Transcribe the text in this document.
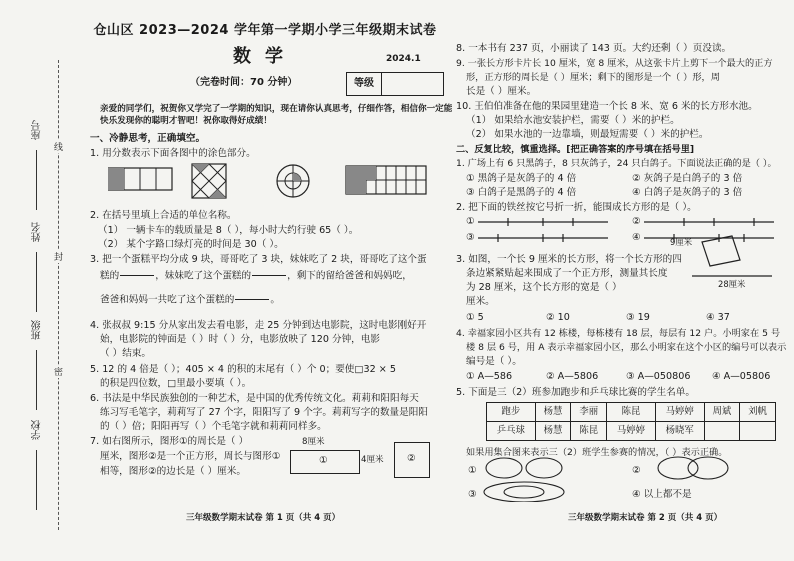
座号
姓名
班级
学校
线
封
密
仓山区 2023—2024 学年第一学期小学三年级期末试卷
数学	2024.1
（完卷时间：70 分钟）	等级
亲爱的同学们，祝贺你又学完了一学期的知识，现在请你认真思考，仔细作答，相信你一定能
快乐发现你的聪明才智吧！祝你取得好成绩！
一、冷静思考，正确填空。
1. 用分数表示下面各图中的涂色部分。
2. 在括号里填上合适的单位名称。
（1） 一辆卡车的载质量是 8（ ），每小时大约行驶 65（ ）。
（2） 某个字路口绿灯亮的时间是 30（ ）。
3. 把一个蛋糕平均分成 9 块，哥哥吃了 3 块，妹妹吃了 2 块，哥哥吃了这个蛋
糕的	，妹妹吃了这个蛋糕的	，剩下的留给爸爸和妈妈吃，
爸爸和妈妈一共吃了这个蛋糕的	。
4. 张叔叔 9:15 分从家出发去看电影，走 25 分钟到达电影院，这时电影刚好开
始，电影院的钟面是（ ）时（ ）分，电影放映了 120 分钟，电影
（ ）结束。
5. 12 的 4 倍是（ ）；405 × 4 的积的末尾有（ ）个 0；要使□32 × 5
的积是四位数，□里最小要填（ ）。
6. 书法是中华民族独创的一种艺术，是中国的优秀传统文化。莉莉和阳阳每天
练习写毛笔字，莉莉写了 27 个字，阳阳写了 9 个字。莉莉写字的数量是阳阳
的（ ）倍；阳阳再写（ ）个毛笔字就和莉莉同样多。
7. 如右图所示，图形①的周长是（ ）
厘米，图形②是一个正方形，周长与图形①
相等，图形②的边长是（ ）厘米。
8厘米
①	4厘米 ②
三年级数学期末试卷 第 1 页（共 4 页）
8. 一本书有 237 页，小丽读了 143 页。大约还剩（ ）页没读。
9. 一张长方形卡片长 10 厘米，宽 8 厘米，从这张卡片上剪下一个最大的正方
形，正方形的周长是（ ）厘米；剩下的图形是一个（ ）形，周
长是（ ）厘米。
10. 王伯伯准备在他的果园里建造一个长 8 米、宽 6 米的长方形水池。
（1） 如果给水池安装护栏，需要（ ）米的护栏。
（2） 如果水池的一边靠墙，则最短需要（ ）米的护栏。
二、反复比较，慎重选择。[把正确答案的序号填在括号里]
1. 广场上有 6 只黑鸽子，8 只灰鸽子，24 只白鸽子。下面说法正确的是（ ）。
① 黑鸽子是灰鸽子的 4 倍	② 灰鸽子是白鸽子的 3 倍
③ 白鸽子是黑鸽子的 4 倍	④ 白鸽子是灰鸽子的 3 倍
2. 把下面的铁丝按它号折一折，能围成长方形的是（ ）。
①	②
③	④
3. 如图，一个长 9 厘米的长方形，将一个长方形的四
条边紧紧贴起来围成了一个正方形，测量其长度
为 28 厘米，这个长方形的宽是（ ）
厘米。
9厘米
28厘米
① 5	② 10	③ 19	④ 37
4. 幸福家园小区共有 12 栋楼，每栋楼有 18 层，每层有 12 户。小明家在 5 号
楼 8 层 6 号，用 A 表示幸福家园小区，那么小明家在这个小区的编号可以表示
编号是（ ）。
① A—586	② A—5806	③ A—050806 ④ A—05806
5. 下面是三（2）班参加跑步和乒乓球比赛的学生名单。
跑步	杨慧	李丽	陈昆	马婷婷	周斌	刘帆
乒乓球	杨慧	陈昆	马婷婷	杨晓军		
如果用集合图来表示三（2）班学生参赛的情况，（ ）表示正确。
①	②
③	④ 以上都不是
三年级数学期末试卷 第 2 页（共 4 页）
